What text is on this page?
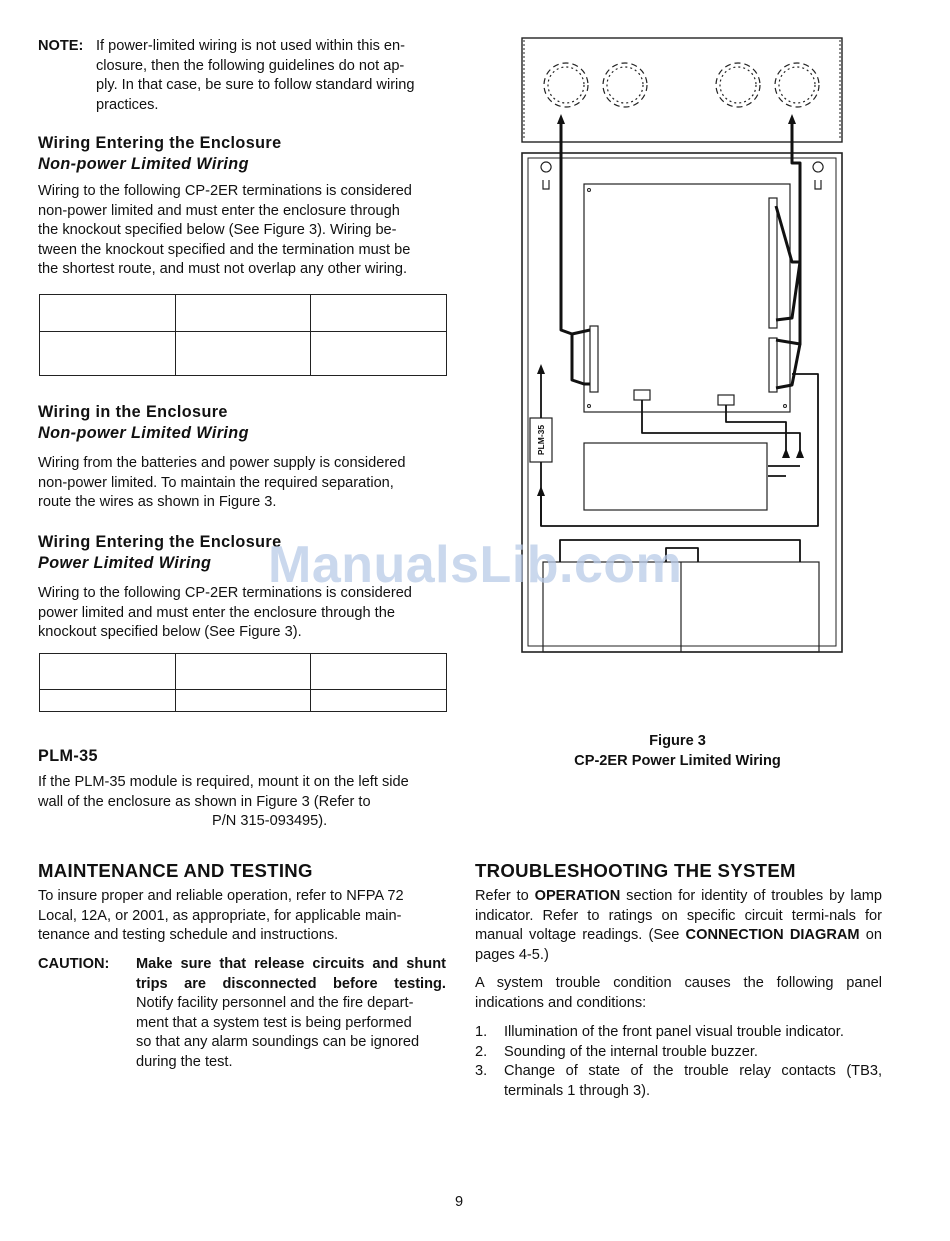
NOTE: If power-limited wiring is not used within this en-
closure, then the following guidelines do not ap-
ply. In that case, be sure to follow standard wiring
practices.
Wiring Entering the Enclosure
Non-power Limited Wiring
Wiring to the following CP-2ER terminations is considered
non-power limited and must enter the enclosure through
the knockout specified below (See Figure 3). Wiring be-
tween the knockout specified and the termination must be
the shortest route, and must not overlap any other wiring.

Wiring in the Enclosure
Non-power Limited Wiring
Wiring from the batteries and power supply is considered
non-power limited. To maintain the required separation,
route the wires as shown in Figure 3.
Wiring Entering the Enclosure
Power Limited Wiring
Wiring to the following CP-2ER terminations is considered
power limited and must enter the enclosure through the
knockout specified below (See Figure 3).

PLM-35
If the PLM-35 module is required, mount it on the left side
wall of the enclosure as shown in Figure 3 (Refer to
P/N 315-093495).
MAINTENANCE AND TESTING
To insure proper and reliable operation, refer to NFPA 72
Local, 12A, or 2001, as appropriate, for applicable main-
tenance and testing schedule and instructions.
CAUTION: Make sure that release circuits and shunt
trips are disconnected before testing.
Notify facility personnel and the fire depart-
ment that a system test is being performed
so that any alarm soundings can be ignored
during the test.
TROUBLESHOOTING THE SYSTEM
Refer to OPERATION section for identity of troubles by lamp indicator. Refer to ratings on specific circuit termi-nals for manual voltage readings. (See CONNECTION DIAGRAM on pages 4-5.)
A system trouble condition causes the following panel indications and conditions:
1. Illumination of the front panel visual trouble indicator.
2. Sounding of the internal trouble buzzer.
3. Change of state of the trouble relay contacts (TB3, terminals 1 through 3).
PLM-35
Figure 3
CP-2ER Power Limited Wiring
ManualsLib.com
9
